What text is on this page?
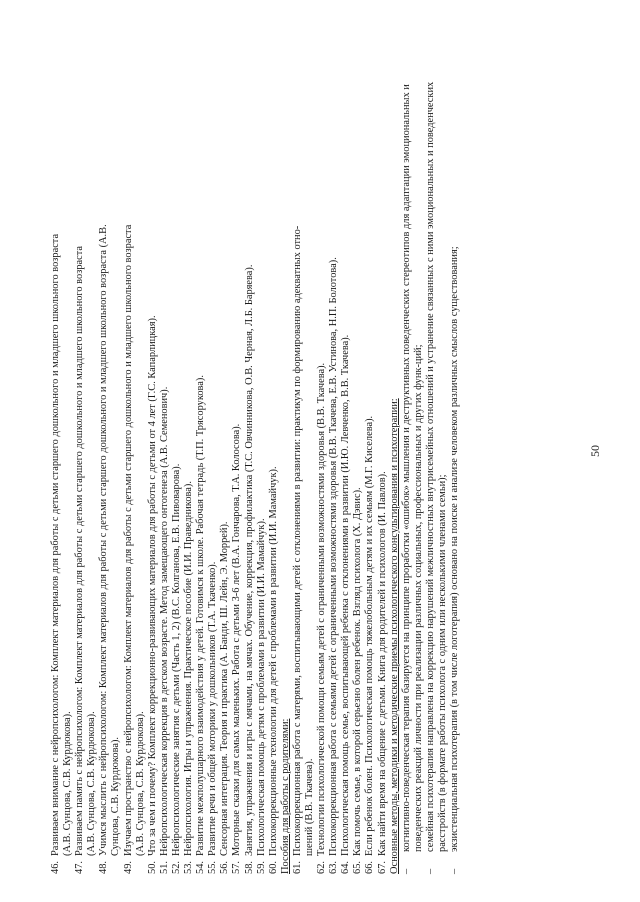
50
46.
Развиваем внимание с нейропсихологом: Комплект материалов для работы с детьми старшего дошкольного и младшего школьного возраста (А.В. Сунцова, С.В. Курдюкова).
47.
Развиваем память с нейропсихологом: Комплект материалов для работы с детьми старшего дошкольного и младшего школьного возраста (А.В. Сунцова, С.В. Курдюкова).
48.
Учимся мыслить с нейропсихологом: Комплект материалов для работы с детьми старшего дошкольного и младшего школьного возраста (А.В. Сунцова, С.В. Курдюкова).
49.
Изучаем пространство с нейропсихологом: Комплект материалов для работы с детьми старшего дошкольного и младшего школьного возраста (А.В. Сунцова, С.В. Курдюкова).
50.
Что за чем и почему? Комплект коррекционно-развивающих материалов для работы с детьми от 4 лет (Г.С. Капарлицкая).
51.
Нейропсихологическая коррекция в детском возрасте. Метод замещающего онтогенеза (А.В. Семенович).
52.
Нейропсихологические занятия с детьми (Часть 1, 2) (В.С. Колганова, Е.В. Пивоварова).
53.
Нейропсихология. Игры и упражнения. Практическое пособие (И.И. Праведникова).
54.
Развитие межполушарного взаимодействия у детей. Готовимся к школе. Рабочая тетрадь (Т.П. Трясорукова).
55.
Развитие речи и общей моторики у дошкольников (Т.А. Ткаченко).
56.
Сенсорная интеграция. Теория и практика (А. Банди, Ш. Лейн, Э. Моррей).
57.
Моторные сказки для самых маленьких. Работа с детьми 3-6 лет (В.А. Гончарова, Т.А. Колосова).
58.
Занятия, упражнения и игры с мячами, на мячах. Обучение, коррекция, профилактика (Т.С. Овчинникова, О.В. Черная, Л.Б. Баряева).
59.
Психологическая помощь детям с проблемами в развитии (И.И. Мамайчук).
60.
Психокоррекционные технологии для детей с проблемами в развитии (И.И. Мамайчук). Пособия для работы с родителями: 61.
Психокоррекционная работа с матерями, воспитывающими детей с отклонениями в развитии: практикум по формированию адекватных отно- шений (В.В. Ткачева).
62.
Технологии психологической помощи семьям детей с ограниченными возможностями здоровья (В.В. Ткачева).
63.
Психокоррекционная работа с семьями детей с ограниченными возможностями здоровья (В.В. Ткачева, Е.В. Устинова, Н.П. Болотова).
64.
Психологическая помощь семье, воспитывающей ребенка с отклонениями в развитии (И.Ю. Левченко, В.В. Ткачева).
65.
Как помочь семье, в которой серьезно болен ребенок. Взгляд психолога (Х. Дэвис).
66.
Если ребенок болен. Психологическая помощь тяжелобольным детям и их семьям (М.Г. Киселева).
67.
Как найти время на общение с детьми. Книга для родителей и психологов (И. Павлов). Основные методы, методики и методические приемы психологического консультирования и психотерапии: –
когнитивно-поведенческая терапия базируется на принципе проработки «ошибок» мышления и деструктивных поведенческих стереотипов для адаптации эмоциональных и поведенческих реакций личности при реализации различных социальных, профессиональных и других функ-ций;
–
семейная психотерапия направлена на коррекцию нарушений межличностных внутрисемейных отношений и устранение связанных с ними эмоциональных и поведенческих расстройств (в формате работы психолога с одним или несколькими членами семьи);
–
экзистенциальная психотерапия (в том числе логотерапия) основано на поиске и анализе человеком различных смыслов существования;
